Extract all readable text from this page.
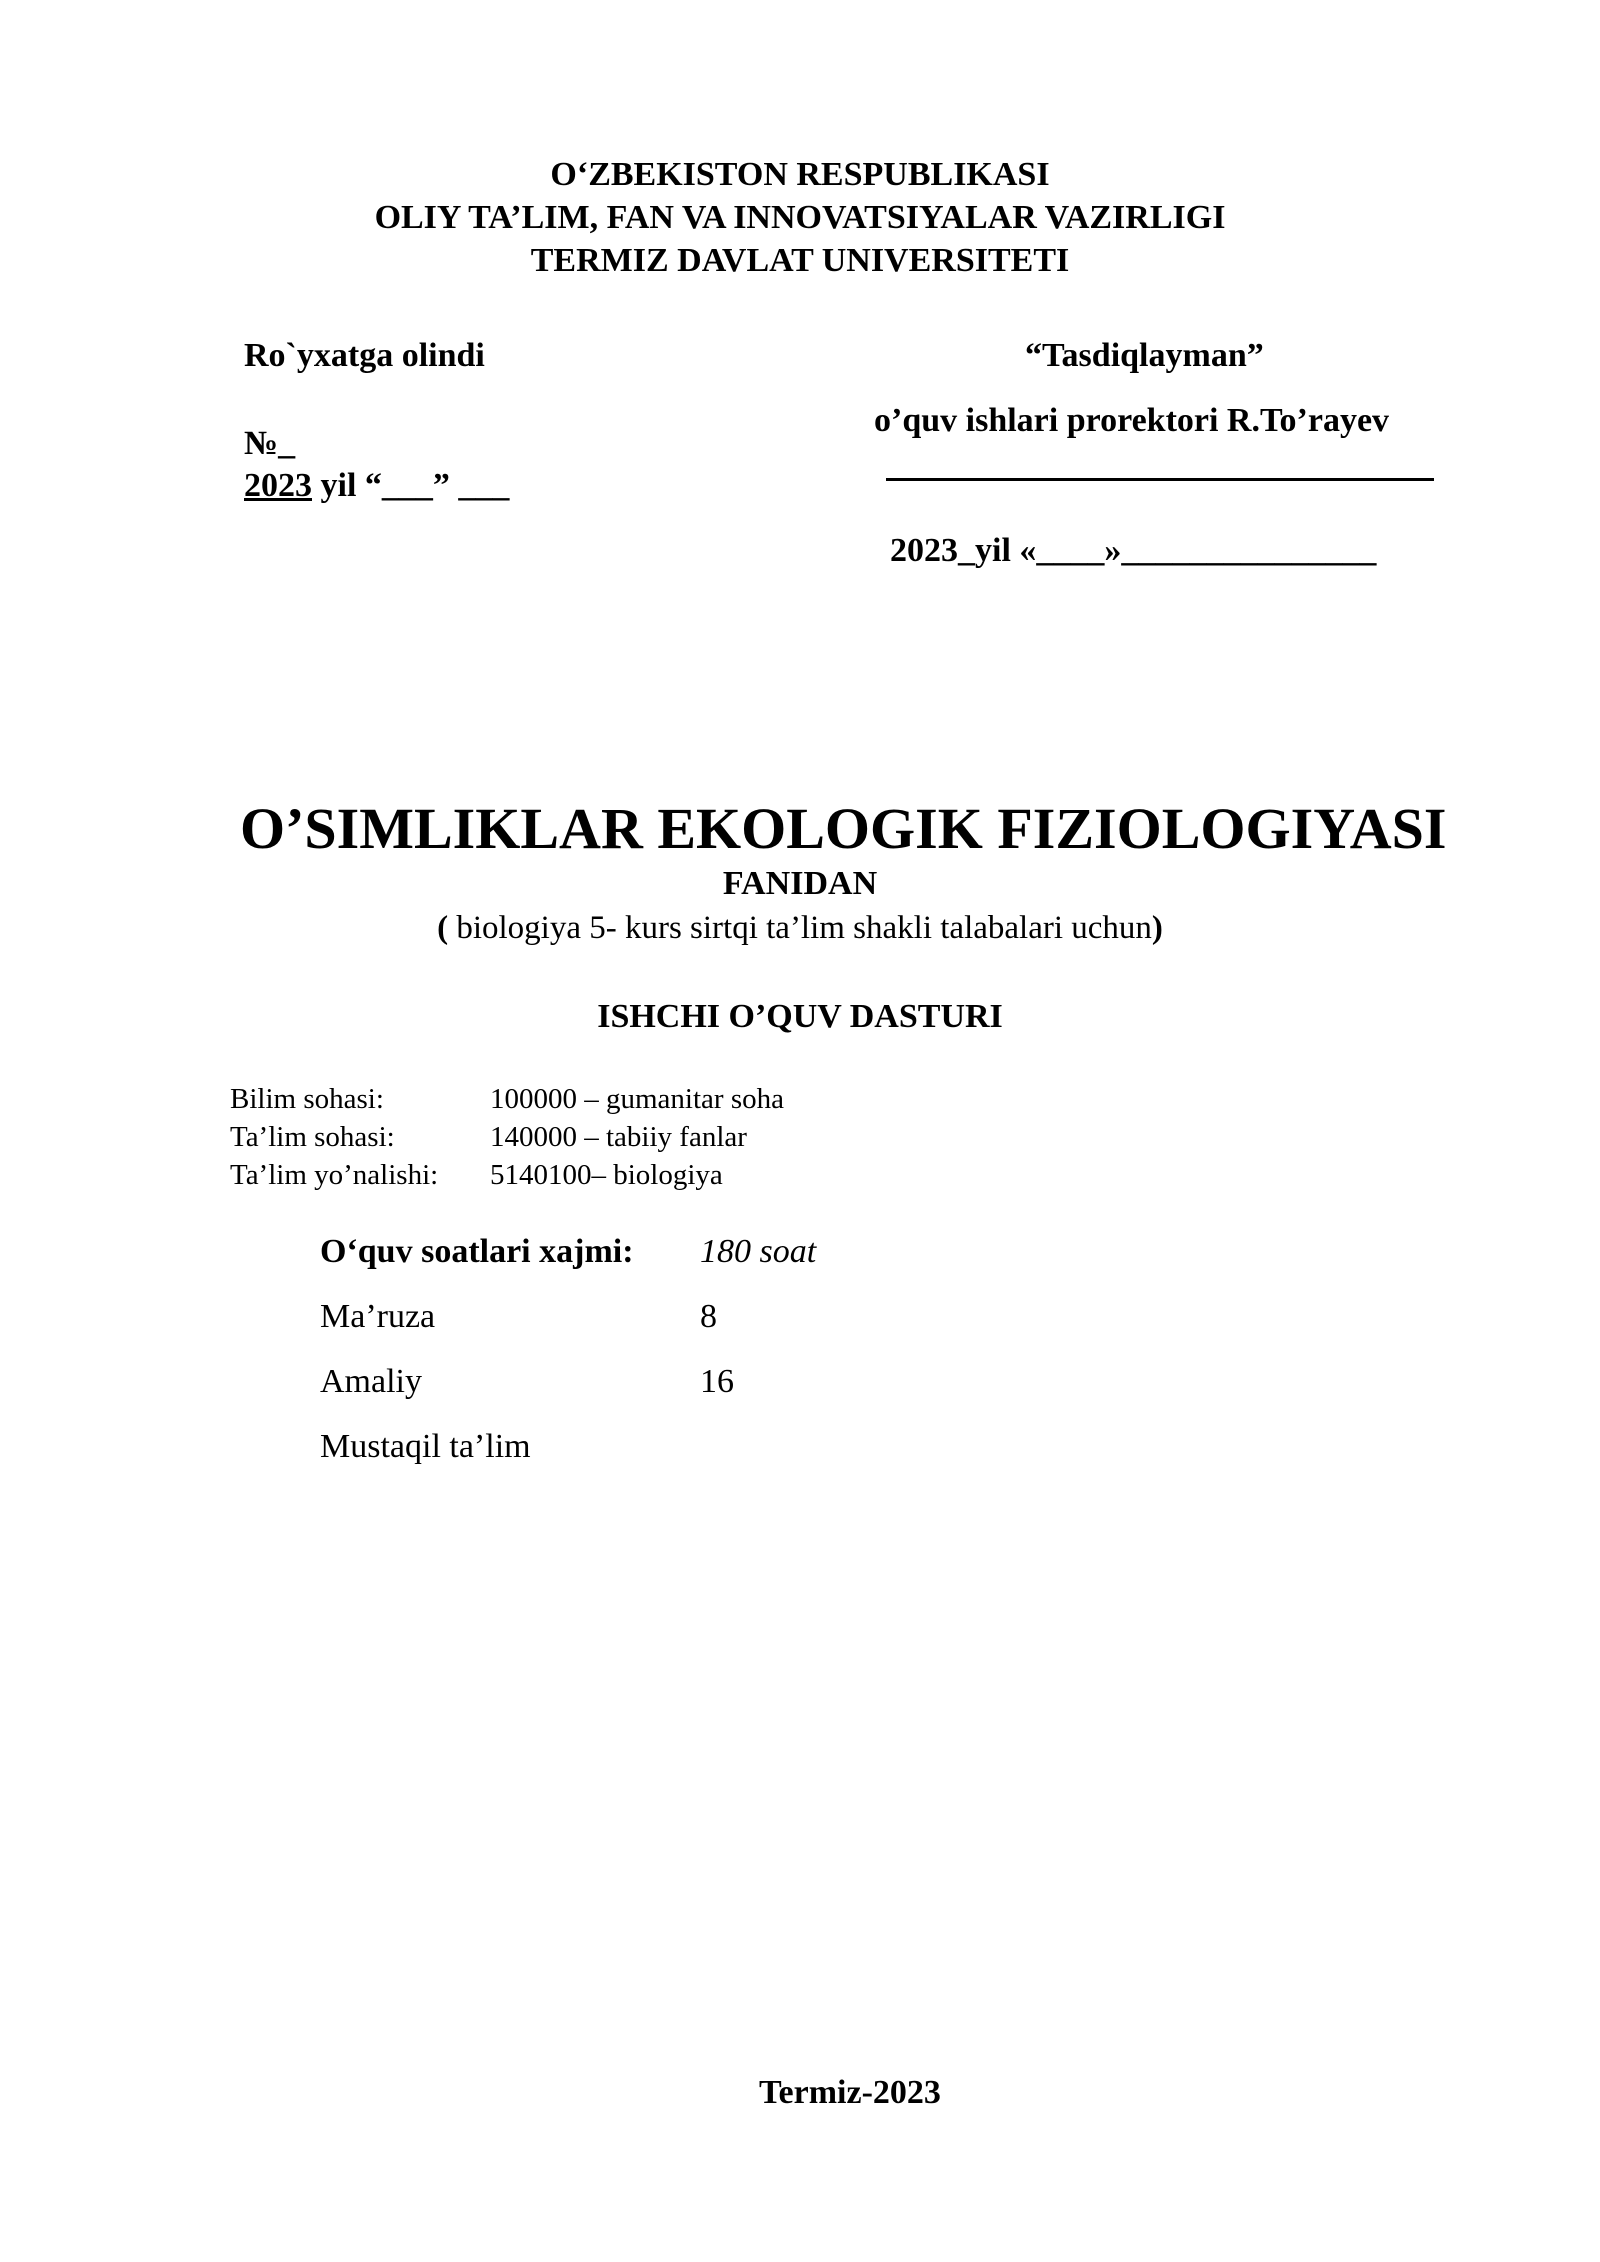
O‘ZBEKISTON RESPUBLIKASI
OLIY TA’LIM, FAN VA INNOVATSIYALAR VAZIRLIGI
TERMIZ DAVLAT UNIVERSITETI
Ro`yxatga olindi
№_
2023 yil “___” ___
“Tasdiqlayman”
o’quv ishlari prorektori R.To’rayev
2023_yil «____»_______________
O’SIMLIKLAR EKOLOGIK FIZIOLOGIYASI
FANIDAN
( biologiya 5- kurs sirtqi ta’lim shakli talabalari uchun)
ISHCHI O’QUV DASTURI
Bilim sohasi:	100000 – gumanitar soha
Ta’lim sohasi:	140000 – tabiiy fanlar
Ta’lim yo’nalishi: 5140100– biologiya
O‘quv soatlari xajmi: 180 soat
Ma’ruza	8
Amaliy	16
Mustaqil ta’lim
Termiz-2023
